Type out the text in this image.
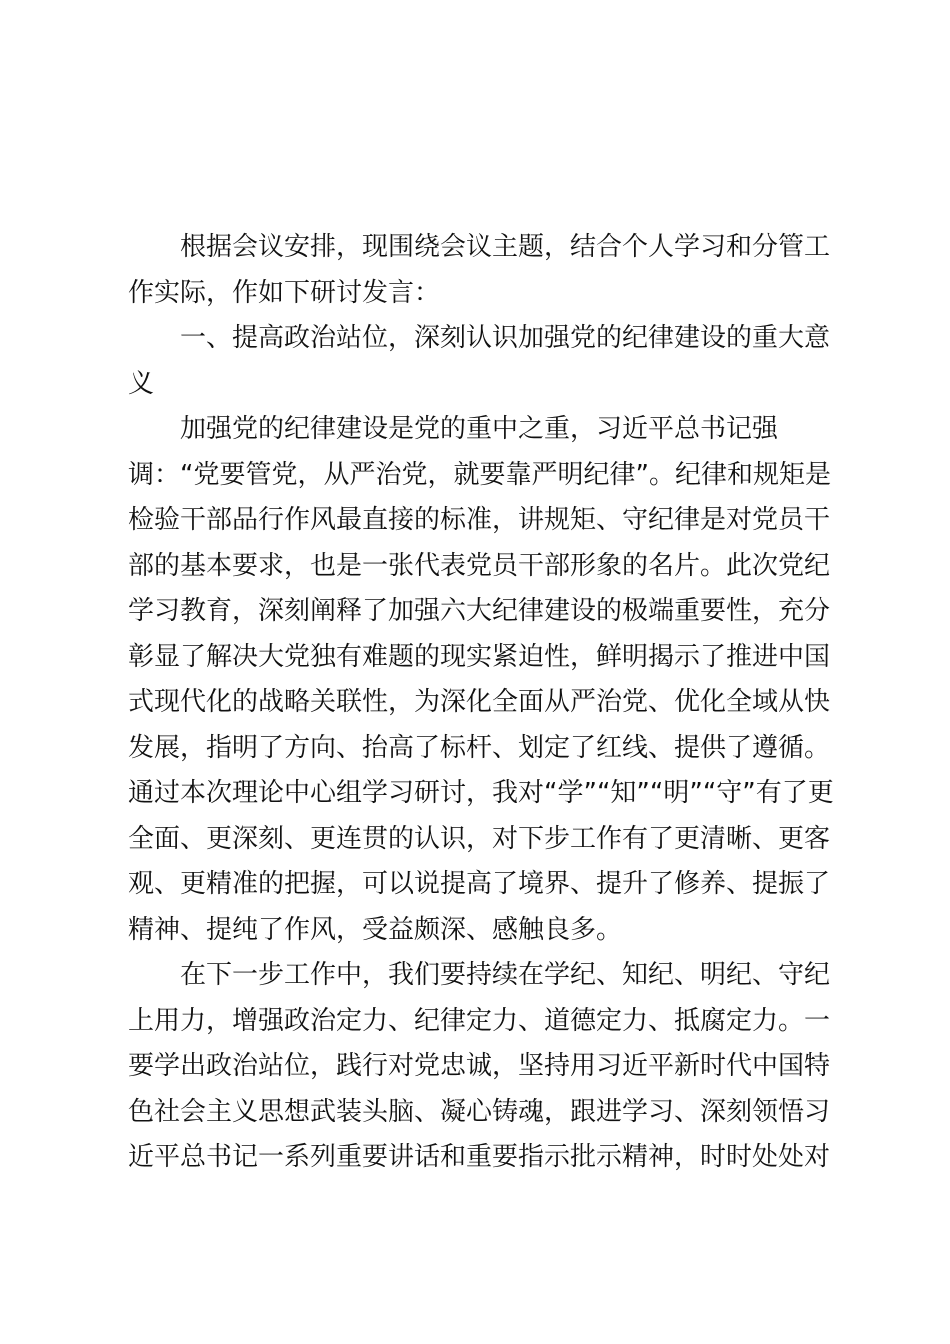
根据会议安排，现围绕会议主题，结合个人学习和分管工
作实际，作如下研讨发言：
一、提高政治站位，深刻认识加强党的纪律建设的重大意
义
加强党的纪律建设是党的重中之重，习近平总书记强
调：“党要管党，从严治党，就要靠严明纪律”。纪律和规矩是
检验干部品行作风最直接的标准，讲规矩、守纪律是对党员干
部的基本要求，也是一张代表党员干部形象的名片。此次党纪
学习教育，深刻阐释了加强六大纪律建设的极端重要性，充分
彰显了解决大党独有难题的现实紧迫性，鲜明揭示了推进中国
式现代化的战略关联性，为深化全面从严治党、优化全域从快
发展，指明了方向、抬高了标杆、划定了红线、提供了遵循。
通过本次理论中心组学习研讨，我对“学”“知”“明”“守”有了更
全面、更深刻、更连贯的认识，对下步工作有了更清晰、更客
观、更精准的把握，可以说提高了境界、提升了修养、提振了
精神、提纯了作风，受益颇深、感触良多。
在下一步工作中，我们要持续在学纪、知纪、明纪、守纪
上用力，增强政治定力、纪律定力、道德定力、抵腐定力。一
要学出政治站位，践行对党忠诚，坚持用习近平新时代中国特
色社会主义思想武装头脑、凝心铸魂，跟进学习、深刻领悟习
近平总书记一系列重要讲话和重要指示批示精神，时时处处对
